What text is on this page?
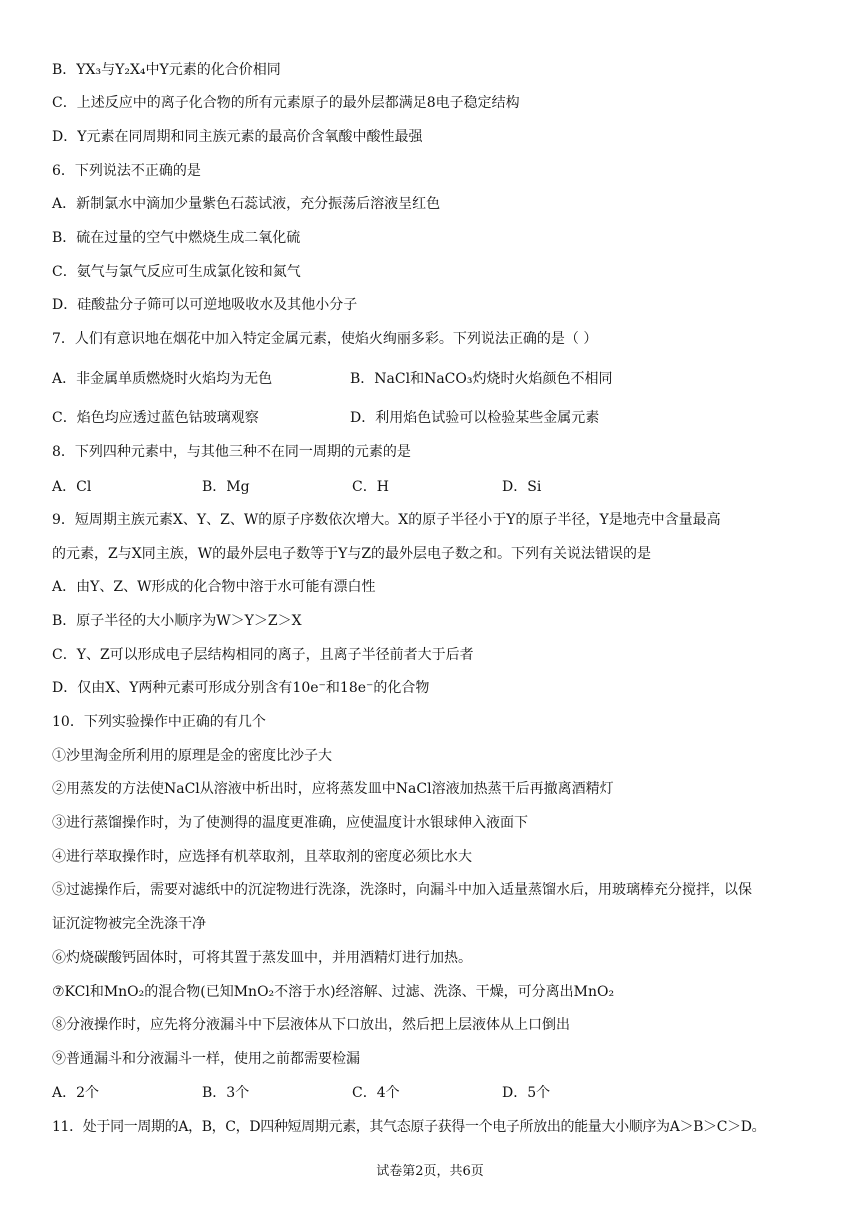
B．YX₃与Y₂X₄中Y元素的化合价相同
C．上述反应中的离子化合物的所有元素原子的最外层都满足8电子稳定结构
D．Y元素在同周期和同主族元素的最高价含氧酸中酸性最强
6．下列说法不正确的是
A．新制氯水中滴加少量紫色石蕊试液，充分振荡后溶液呈红色
B．硫在过量的空气中燃烧生成二氧化硫
C．氨气与氯气反应可生成氯化铵和氮气
D．硅酸盐分子筛可以可逆地吸收水及其他小分子
7．人们有意识地在烟花中加入特定金属元素，使焰火绚丽多彩。下列说法正确的是（ ）
A．非金属单质燃烧时火焰均为无色	B．NaCl和NaCO₃灼烧时火焰颜色不相同
C．焰色均应透过蓝色钴玻璃观察	D．利用焰色试验可以检验某些金属元素
8．下列四种元素中，与其他三种不在同一周期的元素的是
A．Cl	B．Mg	C．H	D．Si
9．短周期主族元素X、Y、Z、W的原子序数依次增大。X的原子半径小于Y的原子半径，Y是地壳中含量最高
的元素，Z与X同主族，W的最外层电子数等于Y与Z的最外层电子数之和。下列有关说法错误的是
A．由Y、Z、W形成的化合物中溶于水可能有漂白性
B．原子半径的大小顺序为W＞Y＞Z＞X
C．Y、Z可以形成电子层结构相同的离子，且离子半径前者大于后者
D．仅由X、Y两种元素可形成分别含有10e⁻和18e⁻的化合物
10．下列实验操作中正确的有几个
①沙里淘金所利用的原理是金的密度比沙子大
②用蒸发的方法使NaCl从溶液中析出时，应将蒸发皿中NaCl溶液加热蒸干后再撤离酒精灯
③进行蒸馏操作时，为了使测得的温度更准确，应使温度计水银球伸入液面下
④进行萃取操作时，应选择有机萃取剂，且萃取剂的密度必须比水大
⑤过滤操作后，需要对滤纸中的沉淀物进行洗涤，洗涤时，向漏斗中加入适量蒸馏水后，用玻璃棒充分搅拌，以保
证沉淀物被完全洗涤干净
⑥灼烧碳酸钙固体时，可将其置于蒸发皿中，并用酒精灯进行加热。
⑦KCl和MnO₂的混合物(已知MnO₂不溶于水)经溶解、过滤、洗涤、干燥，可分离出MnO₂
⑧分液操作时，应先将分液漏斗中下层液体从下口放出，然后把上层液体从上口倒出
⑨普通漏斗和分液漏斗一样，使用之前都需要检漏
A．2个	B．3个	C．4个	D．5个
11．处于同一周期的A，B，C，D四种短周期元素，其气态原子获得一个电子所放出的能量大小顺序为A＞B＞C＞D。
试卷第2页，共6页
